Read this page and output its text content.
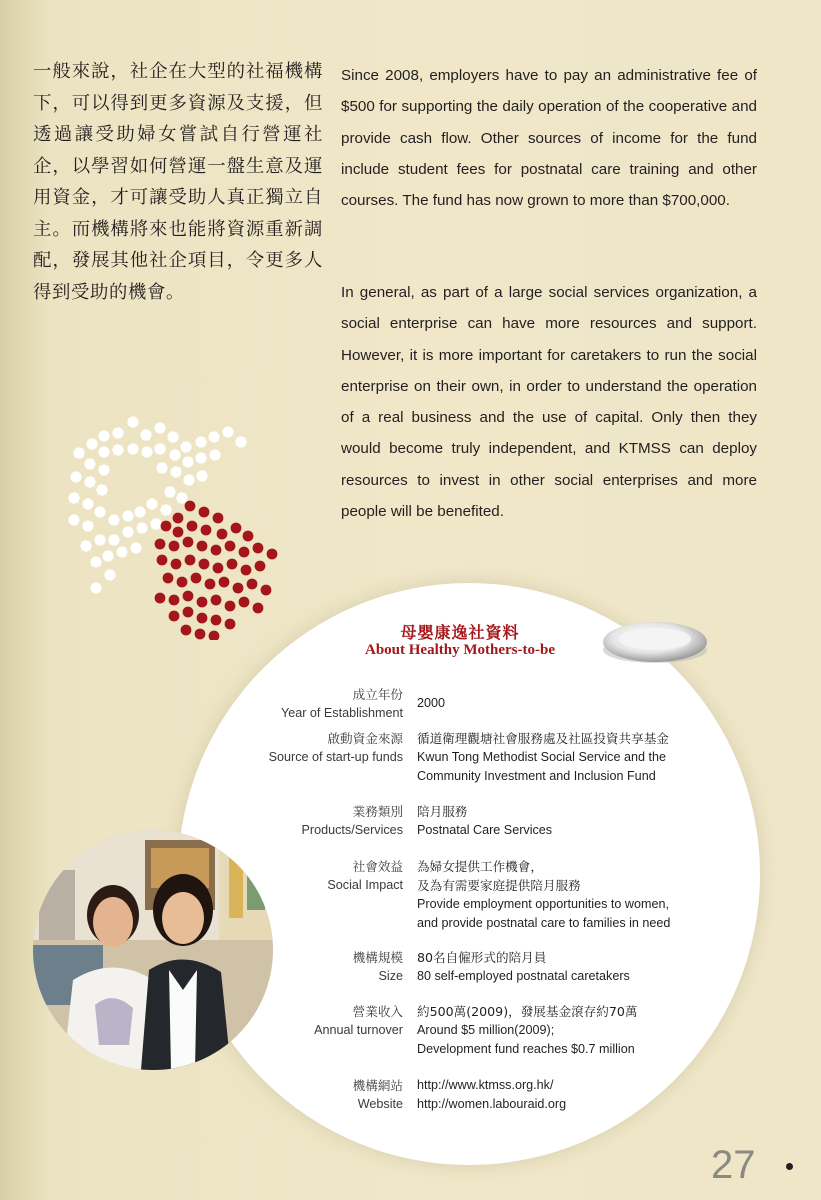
一般來說，社企在大型的社福機構下，可以得到更多資源及支援，但透過讓受助婦女嘗試自行營運社企，以學習如何營運一盤生意及運用資金，才可讓受助人真正獨立自主。而機構將來也能將資源重新調配，發展其他社企項目，令更多人得到受助的機會。

Since 2008, employers have to pay an administrative fee of $500 for supporting the daily operation of the cooperative and provide cash flow. Other sources of income for the fund include student fees for postnatal care training and other courses. The fund has now grown to more than $700,000.

In general, as part of a large social services organization, a social enterprise can have more resources and support. However, it is more important for caretakers to run the social enterprise on their own, in order to understand the operation of a real business and the use of capital. Only then they would become truly independent, and KTMSS can deploy resources to invest in other social enterprises and more people will be benefited.

母嬰康逸社資料
About Healthy Mothers-to-be
成立年份
Year of Establishment
2000
啟動資金來源
Source of start-up funds
循道衛理觀塘社會服務處及社區投資共享基金
Kwun Tong Methodist Social Service and the
Community Investment and Inclusion Fund
業務類別
Products/Services
陪月服務
Postnatal Care Services
社會效益
Social Impact
為婦女提供工作機會，
及為有需要家庭提供陪月服務
Provide employment opportunities to women,
and provide postnatal care to families in need
機構規模
Size
80名自僱形式的陪月員
80 self-employed postnatal caretakers
營業收入
Annual turnover
約500萬(2009)，發展基金滾存約70萬
Around $5 million(2009);
Development fund reaches $0.7 million
機構網站
Website
http://www.ktmss.org.hk/
http://women.labouraid.org
27
